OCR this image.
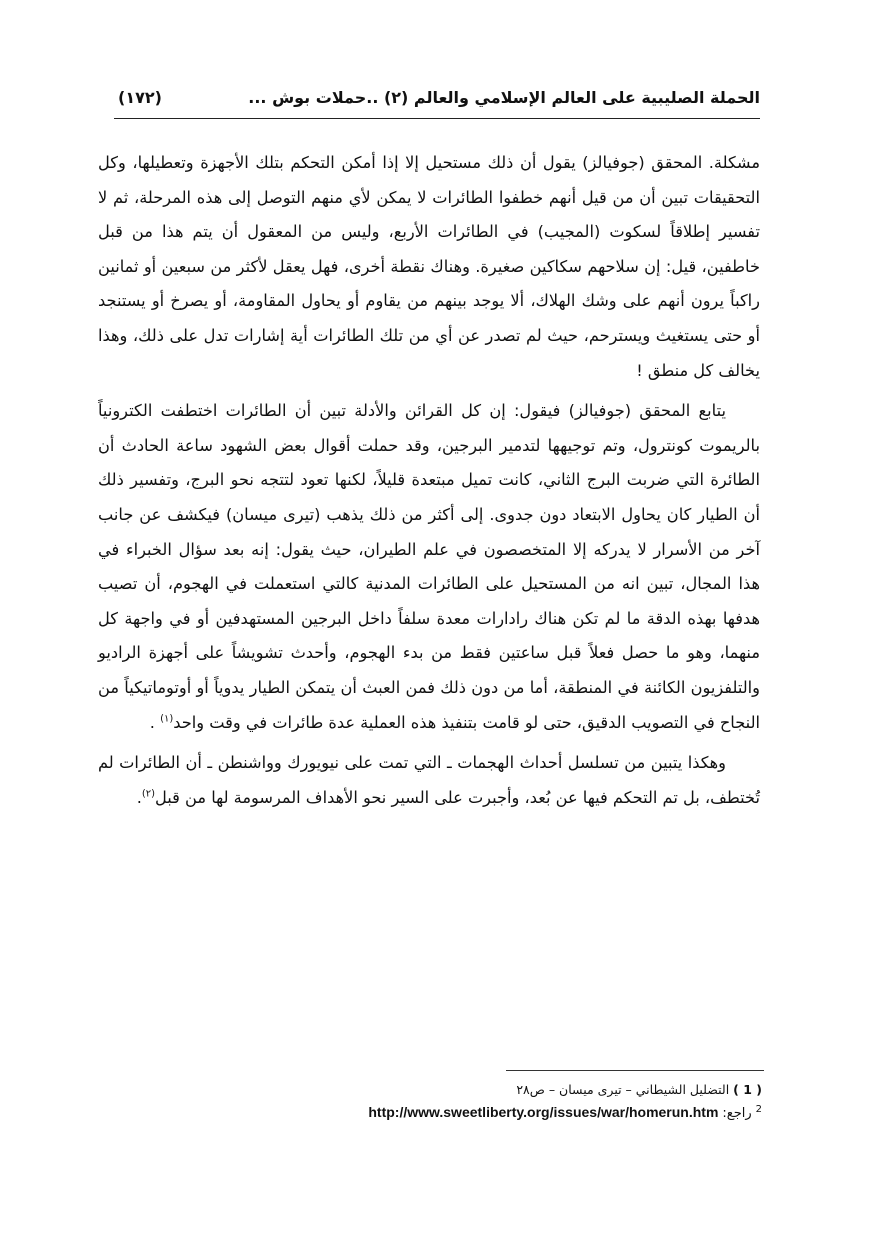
الحملة الصليبية على العالم الإسلامي والعالم (٢) ..حملات بوش ...
(١٧٢)

مشكلة. المحقق (جوفيالز) يقول أن ذلك مستحيل إلا إذا أمكن التحكم بتلك الأجهزة وتعطيلها، وكل التحقيقات تبين أن من قيل أنهم خطفوا الطائرات لا يمكن لأي منهم التوصل إلى هذه المرحلة، ثم لا تفسير إطلاقاً لسكوت (المجيب) في الطائرات الأربع، وليس من المعقول أن يتم هذا من قبل خاطفين، قيل: إن سلاحهم سكاكين صغيرة. وهناك نقطة أخرى، فهل يعقل لأكثر من سبعين أو ثمانين راكباً يرون أنهم على وشك الهلاك، ألا يوجد بينهم من يقاوم أو يحاول المقاومة، أو يصرخ أو يستنجد أو حتى يستغيث ويسترحم، حيث لم تصدر عن أي من تلك الطائرات أية إشارات تدل على ذلك، وهذا يخالف كل منطق !

يتابع المحقق (جوفيالز) فيقول: إن كل القرائن والأدلة تبين أن الطائرات اختطفت الكترونياً بالريموت كونترول، وتم توجيهها لتدمير البرجين، وقد حملت أقوال بعض الشهود ساعة الحادث أن الطائرة التي ضربت البرج الثاني، كانت تميل مبتعدة قليلاً، لكنها تعود لتتجه نحو البرج، وتفسير ذلك أن الطيار كان يحاول الابتعاد دون جدوى. إلى أكثر من ذلك يذهب (تيرى ميسان) فيكشف عن جانب آخر من الأسرار لا يدركه إلا المتخصصون في علم الطيران، حيث يقول: إنه بعد سؤال الخبراء في هذا المجال، تبين انه من المستحيل على الطائرات المدنية كالتي استعملت في الهجوم، أن تصيب هدفها بهذه الدقة ما لم تكن هناك رادارات معدة سلفاً داخل البرجين المستهدفين أو في واجهة كل منهما، وهو ما حصل فعلاً قبل ساعتين فقط من بدء الهجوم، وأحدث تشويشاً على أجهزة الراديو والتلفزيون الكائنة في المنطقة، أما من دون ذلك فمن العبث أن يتمكن الطيار يدوياً أو أوتوماتيكياً من النجاح في التصويب الدقيق، حتى لو قامت بتنفيذ هذه العملية عدة طائرات في وقت واحد$^{(١)}$ .

وهكذا يتبين من تسلسل أحداث الهجمات ـ التي تمت على نيويورك وواشنطن ـ أن الطائرات لم تُختطف، بل تم التحكم فيها عن بُعد، وأجبرت على السير نحو الأهداف المرسومة لها من قبل$^{(٢)}$.

( 1 ) التضليل الشيطاني – تيرى ميسان – ص٢٨

$^2$ راجع: http://www.sweetliberty.org/issues/war/homerun.htm
